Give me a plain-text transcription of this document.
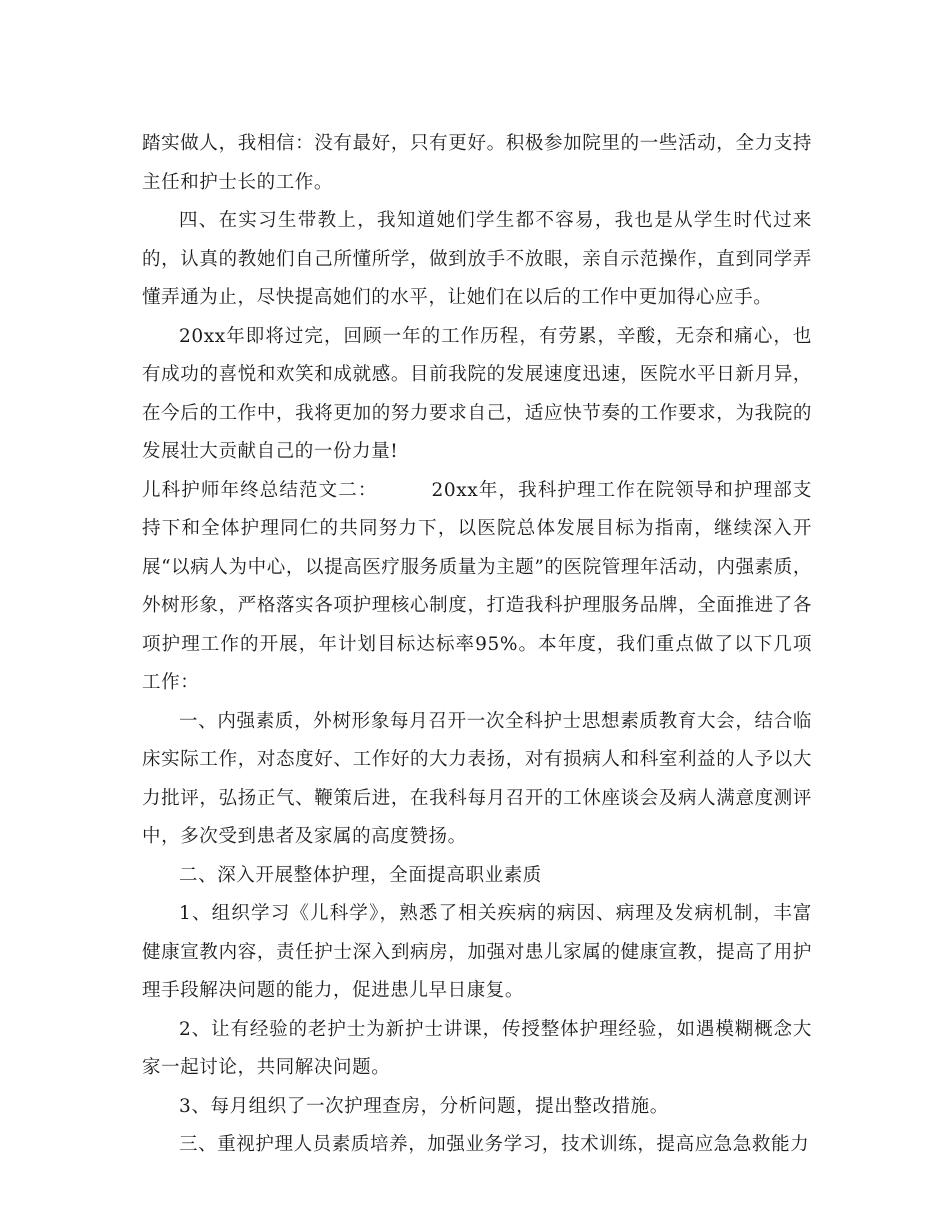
踏实做人，我相信：没有最好，只有更好。积极参加院里的一些活动，全力支持主任和护士长的工作。

四、在实习生带教上，我知道她们学生都不容易，我也是从学生时代过来的，认真的教她们自己所懂所学，做到放手不放眼，亲自示范操作，直到同学弄懂弄通为止，尽快提高她们的水平，让她们在以后的工作中更加得心应手。

20xx年即将过完，回顾一年的工作历程，有劳累，辛酸，无奈和痛心，也有成功的喜悦和欢笑和成就感。目前我院的发展速度迅速，医院水平日新月异，在今后的工作中，我将更加的努力要求自己，适应快节奏的工作要求，为我院的发展壮大贡献自己的一份力量!

儿科护师年终总结范文二：	20xx年，我科护理工作在院领导和护理部支持下和全体护理同仁的共同努力下，以医院总体发展目标为指南，继续深入开展“以病人为中心，以提高医疗服务质量为主题”的医院管理年活动，内强素质，外树形象，严格落实各项护理核心制度，打造我科护理服务品牌，全面推进了各项护理工作的开展，年计划目标达标率95%。本年度，我们重点做了以下几项工作：

一、内强素质，外树形象每月召开一次全科护士思想素质教育大会，结合临床实际工作，对态度好、工作好的大力表扬，对有损病人和科室利益的人予以大力批评，弘扬正气、鞭策后进，在我科每月召开的工休座谈会及病人满意度测评中，多次受到患者及家属的高度赞扬。

二、深入开展整体护理，全面提高职业素质

1、组织学习《儿科学》，熟悉了相关疾病的病因、病理及发病机制，丰富健康宣教内容，责任护士深入到病房，加强对患儿家属的健康宣教，提高了用护理手段解决问题的能力，促进患儿早日康复。

2、让有经验的老护士为新护士讲课，传授整体护理经验，如遇模糊概念大家一起讨论，共同解决问题。

3、每月组织了一次护理查房，分析问题，提出整改措施。

三、重视护理人员素质培养，加强业务学习，技术训练，提高应急急救能力
